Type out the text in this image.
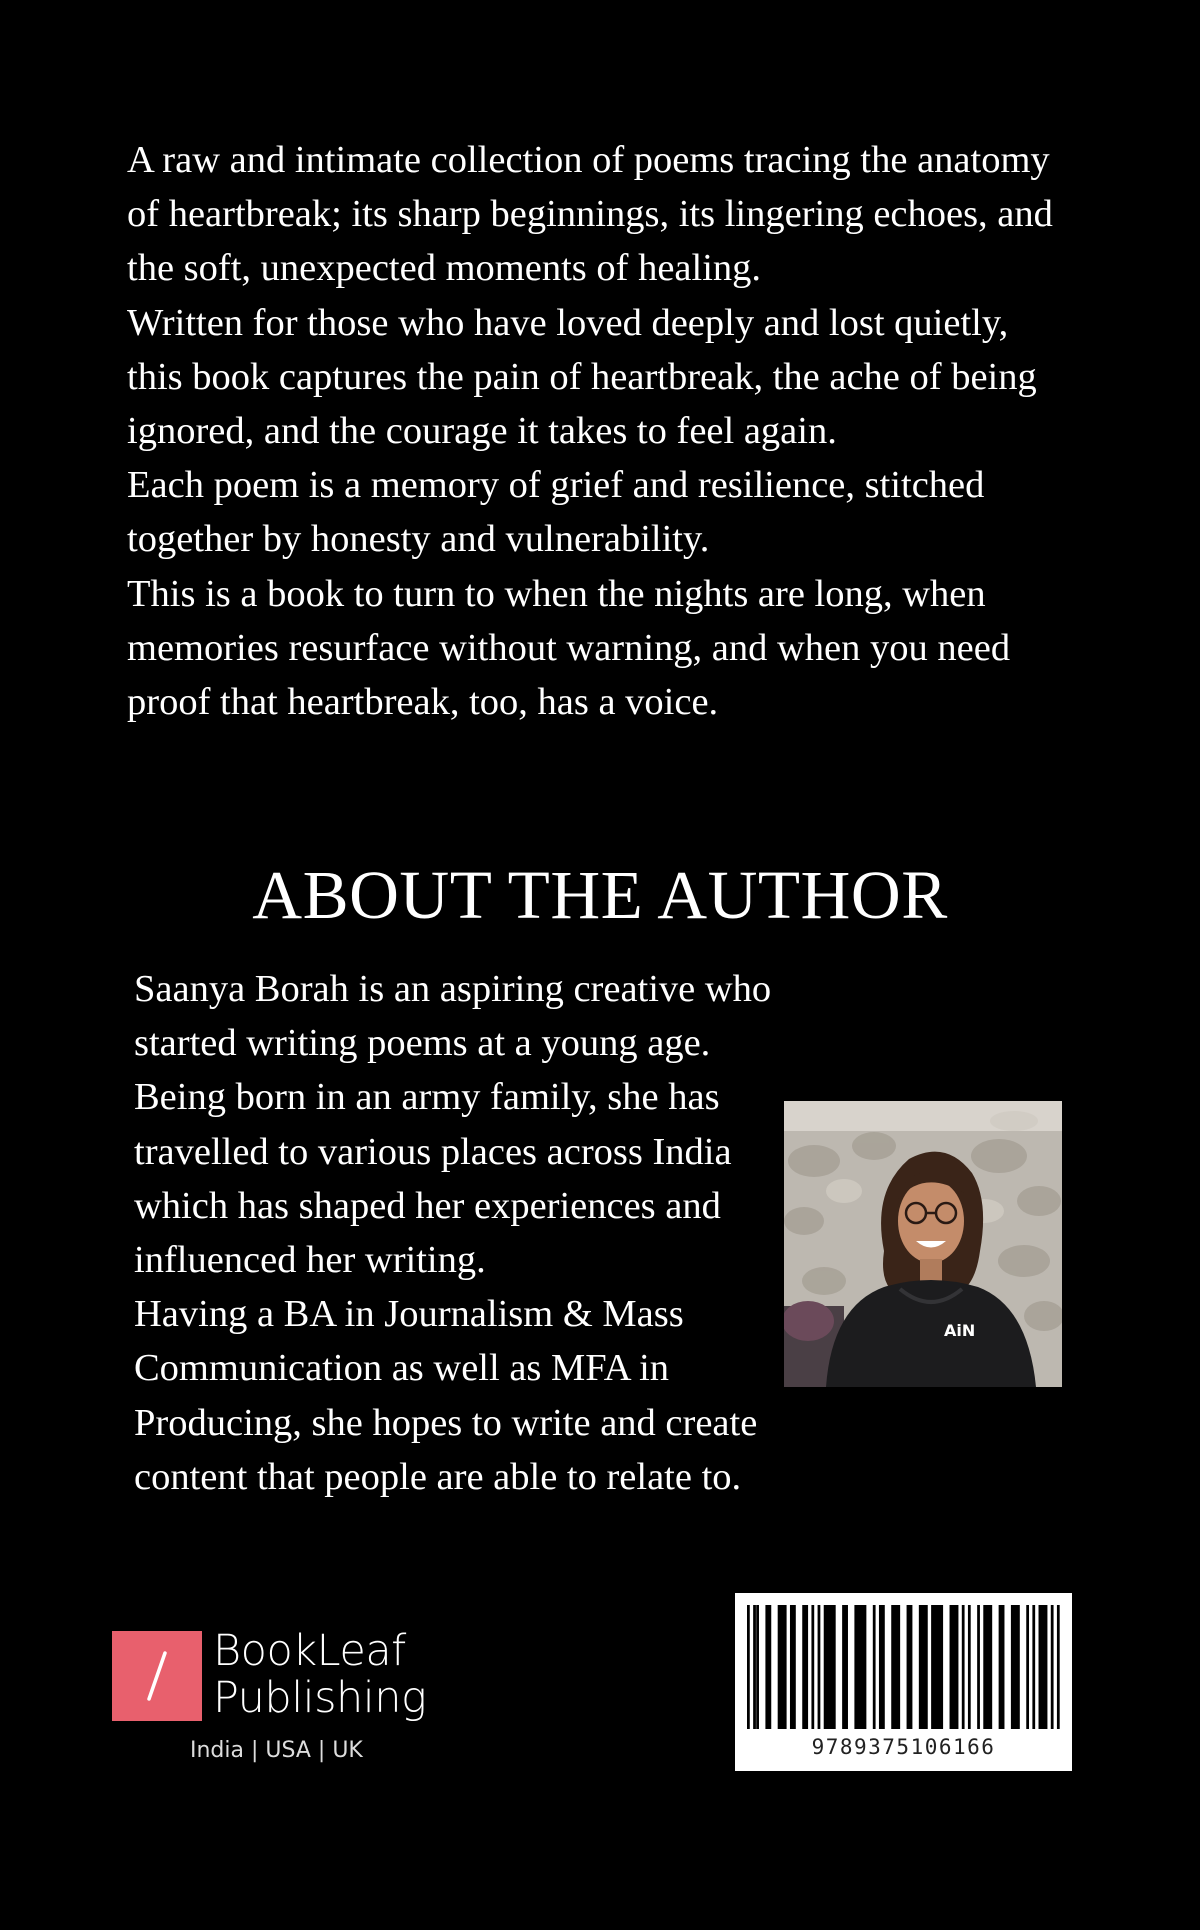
A raw and intimate collection of poems tracing the anatomy of heartbreak; its sharp beginnings, its lingering echoes, and the soft, unexpected moments of healing.

Written for those who have loved deeply and lost quietly, this book captures the pain of heartbreak, the ache of being ignored, and the courage it takes to feel again.

Each poem is a memory of grief and resilience, stitched together by honesty and vulnerability.

This is a book to turn to when the nights are long, when memories resurface without warning, and when you need proof that heartbreak, too, has a voice.

ABOUT THE AUTHOR

Saanya Borah is an aspiring creative who started writing poems at a young age. Being born in an army family, she has travelled to various places across India which has shaped her experiences and influenced her writing.

Having a BA in Journalism & Mass Communication as well as MFA in Producing, she hopes to write and create content that people are able to relate to.

AiN
BookLeaf
Publishing
India | USA | UK	9789375106166
